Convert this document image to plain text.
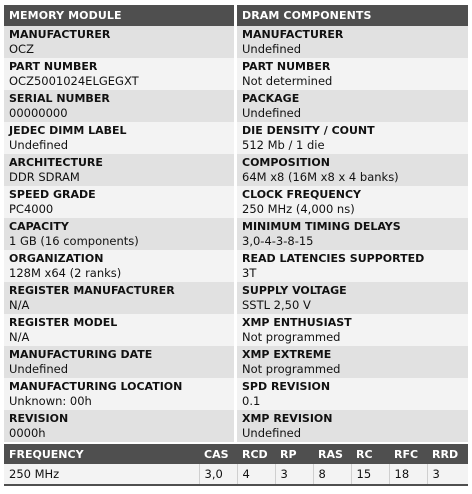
MEMORY MODULE
MANUFACTURER
OCZ
PART NUMBER
OCZ5001024ELGEGXT
SERIAL NUMBER
00000000
JEDEC DIMM LABEL
Undefined
ARCHITECTURE
DDR SDRAM
SPEED GRADE
PC4000
CAPACITY
1 GB (16 components)
ORGANIZATION
128M x64 (2 ranks)
REGISTER MANUFACTURER
N/A
REGISTER MODEL
N/A
MANUFACTURING DATE
Undefined
MANUFACTURING LOCATION
Unknown: 00h
REVISION
0000h
DRAM COMPONENTS
MANUFACTURER
Undefined
PART NUMBER
Not determined
PACKAGE
Undefined
DIE DENSITY / COUNT
512 Mb / 1 die
COMPOSITION
64M x8 (16M x8 x 4 banks)
CLOCK FREQUENCY
250 MHz (4,000 ns)
MINIMUM TIMING DELAYS
3,0-4-3-8-15
READ LATENCIES SUPPORTED
3T
SUPPLY VOLTAGE
SSTL 2,50 V
XMP ENTHUSIAST
Not programmed
XMP EXTREME
Not programmed
SPD REVISION
0.1
XMP REVISION
Undefined
FREQUENCY	CAS	RCD	RP	RAS	RC	RFC	RRD
250 MHz	3,0	4	3	8	15	18	3
